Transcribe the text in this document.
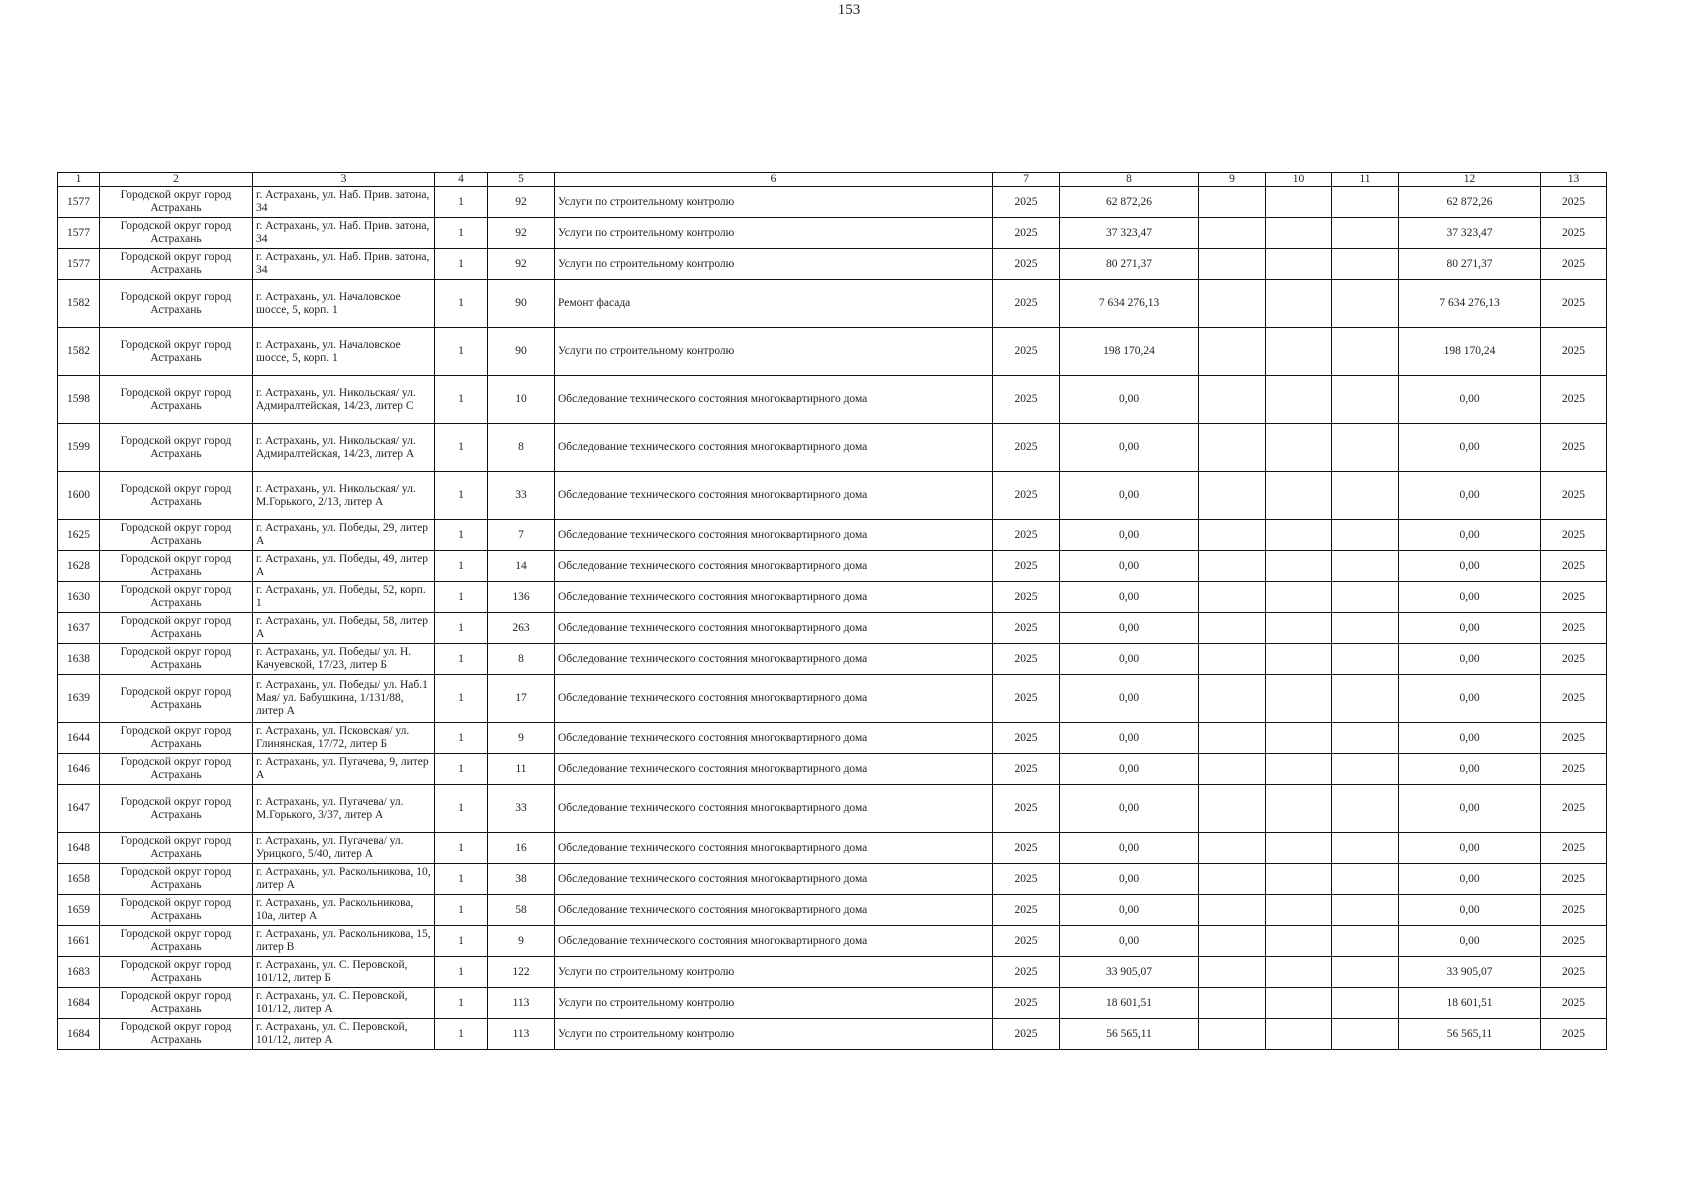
153
1	2	3	4	5	6	7	8	9	10	11	12	13
1577	Городской округ город Астрахань	г. Астрахань, ул. Наб. Прив. затона, 34	1	92	Услуги по строительному контролю	2025	62 872,26				62 872,26	2025
1577	Городской округ город Астрахань	г. Астрахань, ул. Наб. Прив. затона, 34	1	92	Услуги по строительному контролю	2025	37 323,47				37 323,47	2025
1577	Городской округ город Астрахань	г. Астрахань, ул. Наб. Прив. затона, 34	1	92	Услуги по строительному контролю	2025	80 271,37				80 271,37	2025
1582	Городской округ город Астрахань	г. Астрахань, ул. Началовское шоссе, 5, корп. 1	1	90	Ремонт фасада	2025	7 634 276,13				7 634 276,13	2025
1582	Городской округ город Астрахань	г. Астрахань, ул. Началовское шоссе, 5, корп. 1	1	90	Услуги по строительному контролю	2025	198 170,24				198 170,24	2025
1598	Городской округ город Астрахань	г. Астрахань, ул. Никольская/ ул. Адмиралтейская, 14/23, литер С	1	10	Обследование технического состояния многоквартирного дома	2025	0,00				0,00	2025
1599	Городской округ город Астрахань	г. Астрахань, ул. Никольская/ ул. Адмиралтейская, 14/23, литер А	1	8	Обследование технического состояния многоквартирного дома	2025	0,00				0,00	2025
1600	Городской округ город Астрахань	г. Астрахань, ул. Никольская/ ул. М.Горького, 2/13, литер А	1	33	Обследование технического состояния многоквартирного дома	2025	0,00				0,00	2025
1625	Городской округ город Астрахань	г. Астрахань, ул. Победы, 29, литер А	1	7	Обследование технического состояния многоквартирного дома	2025	0,00				0,00	2025
1628	Городской округ город Астрахань	г. Астрахань, ул. Победы, 49, литер А	1	14	Обследование технического состояния многоквартирного дома	2025	0,00				0,00	2025
1630	Городской округ город Астрахань	г. Астрахань, ул. Победы, 52, корп. 1	1	136	Обследование технического состояния многоквартирного дома	2025	0,00				0,00	2025
1637	Городской округ город Астрахань	г. Астрахань, ул. Победы, 58, литер А	1	263	Обследование технического состояния многоквартирного дома	2025	0,00				0,00	2025
1638	Городской округ город Астрахань	г. Астрахань, ул. Победы/ ул. Н. Качуевской, 17/23, литер Б	1	8	Обследование технического состояния многоквартирного дома	2025	0,00				0,00	2025
1639	Городской округ город Астрахань	г. Астрахань, ул. Победы/ ул. Наб.1 Мая/ ул. Бабушкина, 1/131/88, литер А	1	17	Обследование технического состояния многоквартирного дома	2025	0,00				0,00	2025
1644	Городской округ город Астрахань	г. Астрахань, ул. Псковская/ ул. Глинянская, 17/72, литер Б	1	9	Обследование технического состояния многоквартирного дома	2025	0,00				0,00	2025
1646	Городской округ город Астрахань	г. Астрахань, ул. Пугачева, 9, литер А	1	11	Обследование технического состояния многоквартирного дома	2025	0,00				0,00	2025
1647	Городской округ город Астрахань	г. Астрахань, ул. Пугачева/ ул. М.Горького, 3/37, литер А	1	33	Обследование технического состояния многоквартирного дома	2025	0,00				0,00	2025
1648	Городской округ город Астрахань	г. Астрахань, ул. Пугачева/ ул. Урицкого, 5/40, литер А	1	16	Обследование технического состояния многоквартирного дома	2025	0,00				0,00	2025
1658	Городской округ город Астрахань	г. Астрахань, ул. Раскольникова, 10, литер А	1	38	Обследование технического состояния многоквартирного дома	2025	0,00				0,00	2025
1659	Городской округ город Астрахань	г. Астрахань, ул. Раскольникова, 10а, литер А	1	58	Обследование технического состояния многоквартирного дома	2025	0,00				0,00	2025
1661	Городской округ город Астрахань	г. Астрахань, ул. Раскольникова, 15, литер В	1	9	Обследование технического состояния многоквартирного дома	2025	0,00				0,00	2025
1683	Городской округ город Астрахань	г. Астрахань, ул. С. Перовской, 101/12, литер Б	1	122	Услуги по строительному контролю	2025	33 905,07				33 905,07	2025
1684	Городской округ город Астрахань	г. Астрахань, ул. С. Перовской, 101/12, литер А	1	113	Услуги по строительному контролю	2025	18 601,51				18 601,51	2025
1684	Городской округ город Астрахань	г. Астрахань, ул. С. Перовской, 101/12, литер А	1	113	Услуги по строительному контролю	2025	56 565,11				56 565,11	2025
